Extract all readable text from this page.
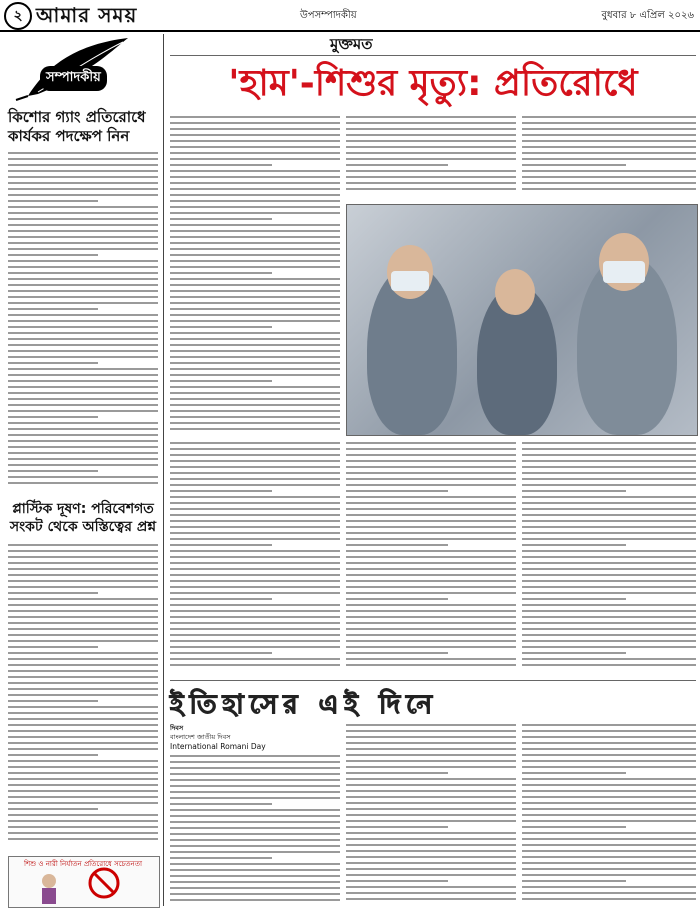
২ আমার সময়	উপসম্পাদকীয়	বুধবার ৮ এপ্রিল ২০২৬
সম্পাদকীয়
কিশোর গ্যাং প্রতিরোধে কার্যকর পদক্ষেপ নিন
প্লাস্টিক দূষণ: পরিবেশগত সংকট থেকে অস্তিত্বের প্রশ্ন
শিশু ও নারী নির্যাতন প্রতিরোধে সচেতনতা
মুক্তমত
'হাম'-শিশুর মৃত্যু: প্রতিরোধে
ইতিহাসের এই দিনে
দিবস
বাংলাদেশ জাতীয় দিবস
International Romani Day
